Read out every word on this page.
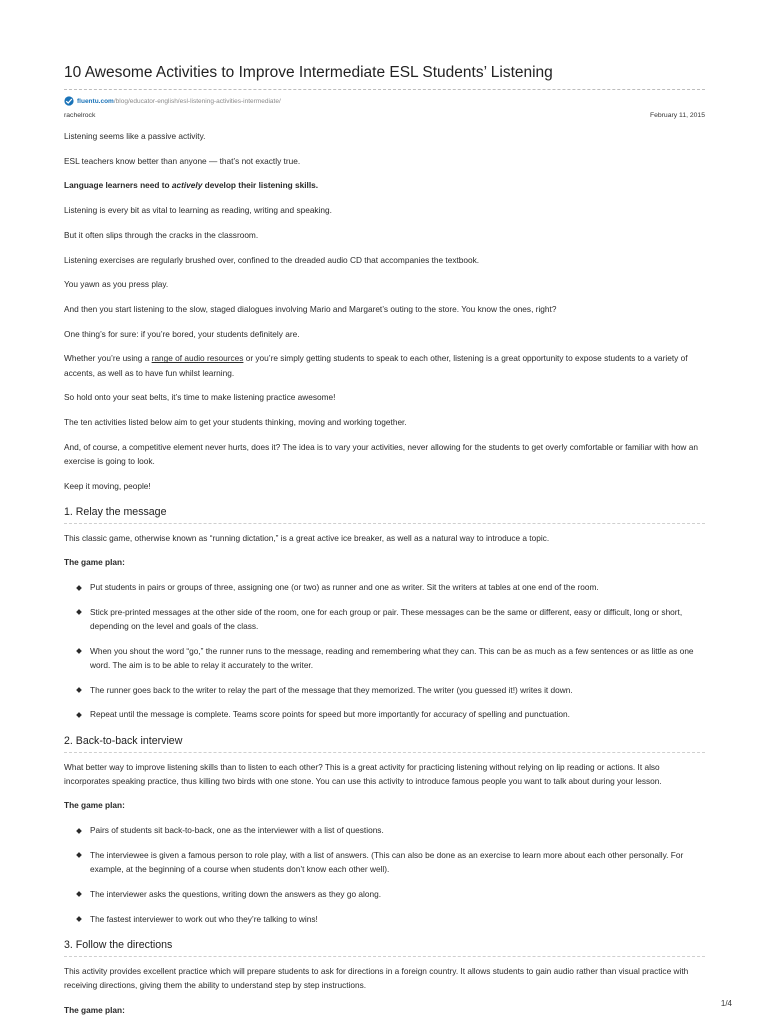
10 Awesome Activities to Improve Intermediate ESL Students’ Listening
fluentu.com /blog/educator-english/esl-listening-activities-intermediate/
rachelrock	February 11, 2015

Listening seems like a passive activity.

ESL teachers know better than anyone — that’s not exactly true.

Language learners need to actively develop their listening skills.

Listening is every bit as vital to learning as reading, writing and speaking.

But it often slips through the cracks in the classroom.

Listening exercises are regularly brushed over, confined to the dreaded audio CD that accompanies the textbook.

You yawn as you press play.

And then you start listening to the slow, staged dialogues involving Mario and Margaret’s outing to the store. You know the ones, right?

One thing’s for sure: if you’re bored, your students definitely are.

Whether you’re using a range of audio resources or you’re simply getting students to speak to each other, listening is a great opportunity to expose students to a variety of accents, as well as to have fun whilst learning.

So hold onto your seat belts, it’s time to make listening practice awesome!

The ten activities listed below aim to get your students thinking, moving and working together.

And, of course, a competitive element never hurts, does it? The idea is to vary your activities, never allowing for the students to get overly comfortable or familiar with how an exercise is going to look.

Keep it moving, people!

1. Relay the message

This classic game, otherwise known as “running dictation,” is a great active ice breaker, as well as a natural way to introduce a topic.

The game plan:

Put students in pairs or groups of three, assigning one (or two) as runner and one as writer. Sit the writers at tables at one end of the room.
Stick pre-printed messages at the other side of the room, one for each group or pair. These messages can be the same or different, easy or difficult, long or short, depending on the level and goals of the class.
When you shout the word “go,” the runner runs to the message, reading and remembering what they can. This can be as much as a few sentences or as little as one word. The aim is to be able to relay it accurately to the writer.
The runner goes back to the writer to relay the part of the message that they memorized. The writer (you guessed it!) writes it down.
Repeat until the message is complete. Teams score points for speed but more importantly for accuracy of spelling and punctuation.
2. Back-to-back interview

What better way to improve listening skills than to listen to each other? This is a great activity for practicing listening without relying on lip reading or actions. It also incorporates speaking practice, thus killing two birds with one stone. You can use this activity to introduce famous people you want to talk about during your lesson.

The game plan:

Pairs of students sit back-to-back, one as the interviewer with a list of questions.
The interviewee is given a famous person to role play, with a list of answers. (This can also be done as an exercise to learn more about each other personally. For example, at the beginning of a course when students don’t know each other well).
The interviewer asks the questions, writing down the answers as they go along.
The fastest interviewer to work out who they’re talking to wins!
3. Follow the directions

This activity provides excellent practice which will prepare students to ask for directions in a foreign country. It allows students to gain audio rather than visual practice with receiving directions, giving them the ability to understand step by step instructions.

The game plan:

1/4
